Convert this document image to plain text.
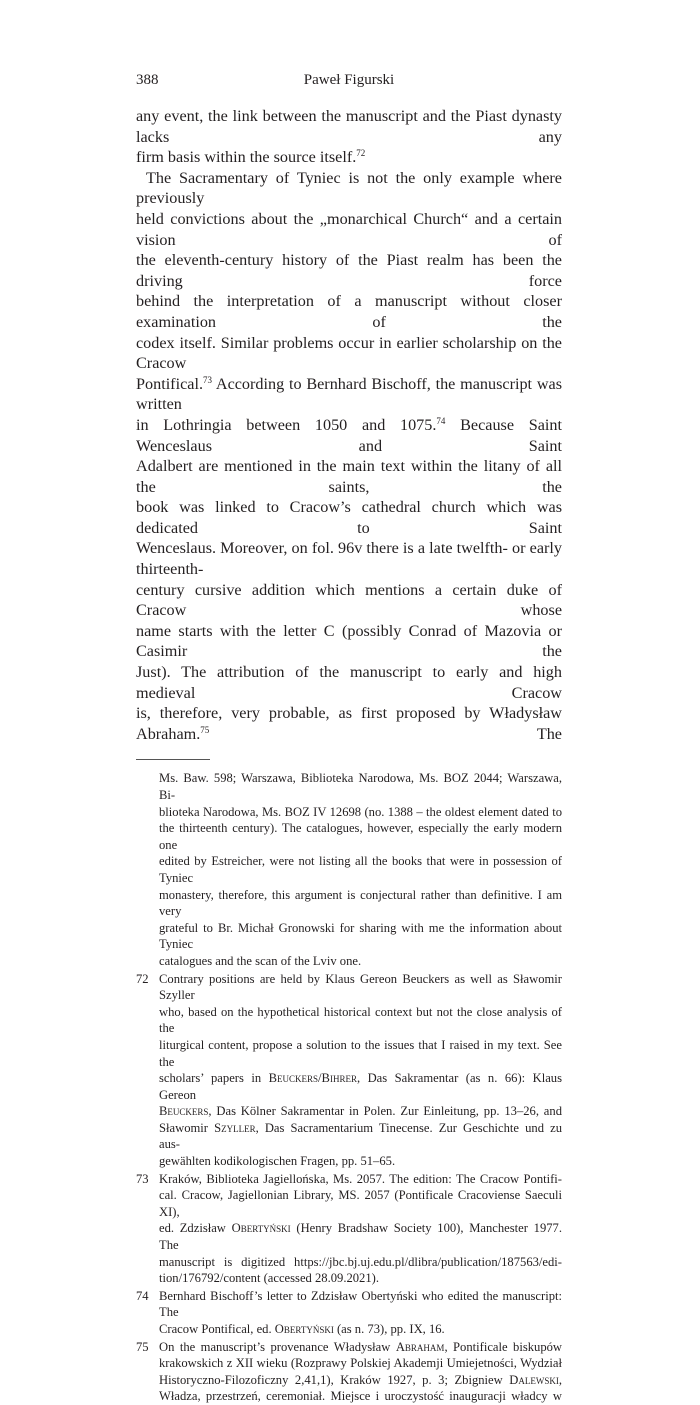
388	Paweł Figurski

any event, the link between the manuscript and the Piast dynasty lacks any
firm basis within the source itself.$^{72}$

The Sacramentary of Tyniec is not the only example where previously
held convictions about the „monarchical Church“ and a certain vision of
the eleventh-century history of the Piast realm has been the driving force
behind the interpretation of a manuscript without closer examination of the
codex itself. Similar problems occur in earlier scholarship on the Cracow
Pontifical.$^{73}$ According to Bernhard Bischoff, the manuscript was written
in Lothringia between 1050 and 1075.74 Because Saint Wenceslaus and Saint
Adalbert are mentioned in the main text within the litany of all the saints, the
book was linked to Cracow’s cathedral church which was dedicated to Saint
Wenceslaus. Moreover, on fol. 96v there is a late twelfth- or early thirteenth-
century cursive addition which mentions a certain duke of Cracow whose
name starts with the letter C (possibly Conrad of Mazovia or Casimir the
Just). The attribution of the manuscript to early and high medieval Cracow
is, therefore, very probable, as first proposed by Władysław Abraham.$^{75}$	The

Ms. Baw. 598; Warszawa, Biblioteka Narodowa, Ms. BOZ 2044; Warszawa, Bi-
blioteka Narodowa, Ms. BOZ IV 12698 (no. 1388 – the oldest element dated to
the thirteenth century). The catalogues, however, especially the early modern one
edited by Estreicher, were not listing all the books that were in possession of Tyniec
monastery, therefore, this argument is conjectural rather than definitive. I am very
grateful to Br. Michał Gronowski for sharing with me the information about Tyniec
catalogues and the scan of the Lviv one.
72 Contrary positions are held by Klaus Gereon Beuckers as well as Sławomir Szyller
who, based on the hypothetical historical context but not the close analysis of the
liturgical content, propose a solution to the issues that I raised in my text. See the
scholars’ papers in Beuckers/Bihrer, Das Sakramentar (as n. 66): Klaus Gereon
Beuckers, Das Kölner Sakramentar in Polen. Zur Einleitung, pp. 13–26, and
Sławomir Szyller, Das Sacramentarium Tinecense. Zur Geschichte und zu aus-
gewählten kodikologischen Fragen, pp. 51–65.
73 Kraków, Biblioteka Jagiellońska, Ms. 2057. The edition: The Cracow Pontifi-
cal. Cracow, Jagiellonian Library, MS. 2057 (Pontificale Cracoviense Saeculi XI),
ed. Zdzisław Obertyński (Henry Bradshaw Society 100), Manchester 1977. The
manuscript is digitized https://jbc.bj.uj.edu.pl/dlibra/publication/187563/edi-
tion/176792/content (accessed 28.09.2021).
74 Bernhard Bischoff’s letter to Zdzisław Obertyński who edited the manuscript: The
Cracow Pontifical, ed. Obertyński (as n. 73), pp. IX, 16.
75 On the manuscript’s provenance Władysław Abraham, Pontificale biskupów
krakowskich z XII wieku (Rozprawy Polskiej Akademji Umiejetności, Wydział
Historyczno-Filozoficzny 2,41,1), Kraków 1927, p. 3; Zbigniew Dalewski,
Władza, przestrzeń, ceremoniał. Miejsce i uroczystość inauguracji władcy w
